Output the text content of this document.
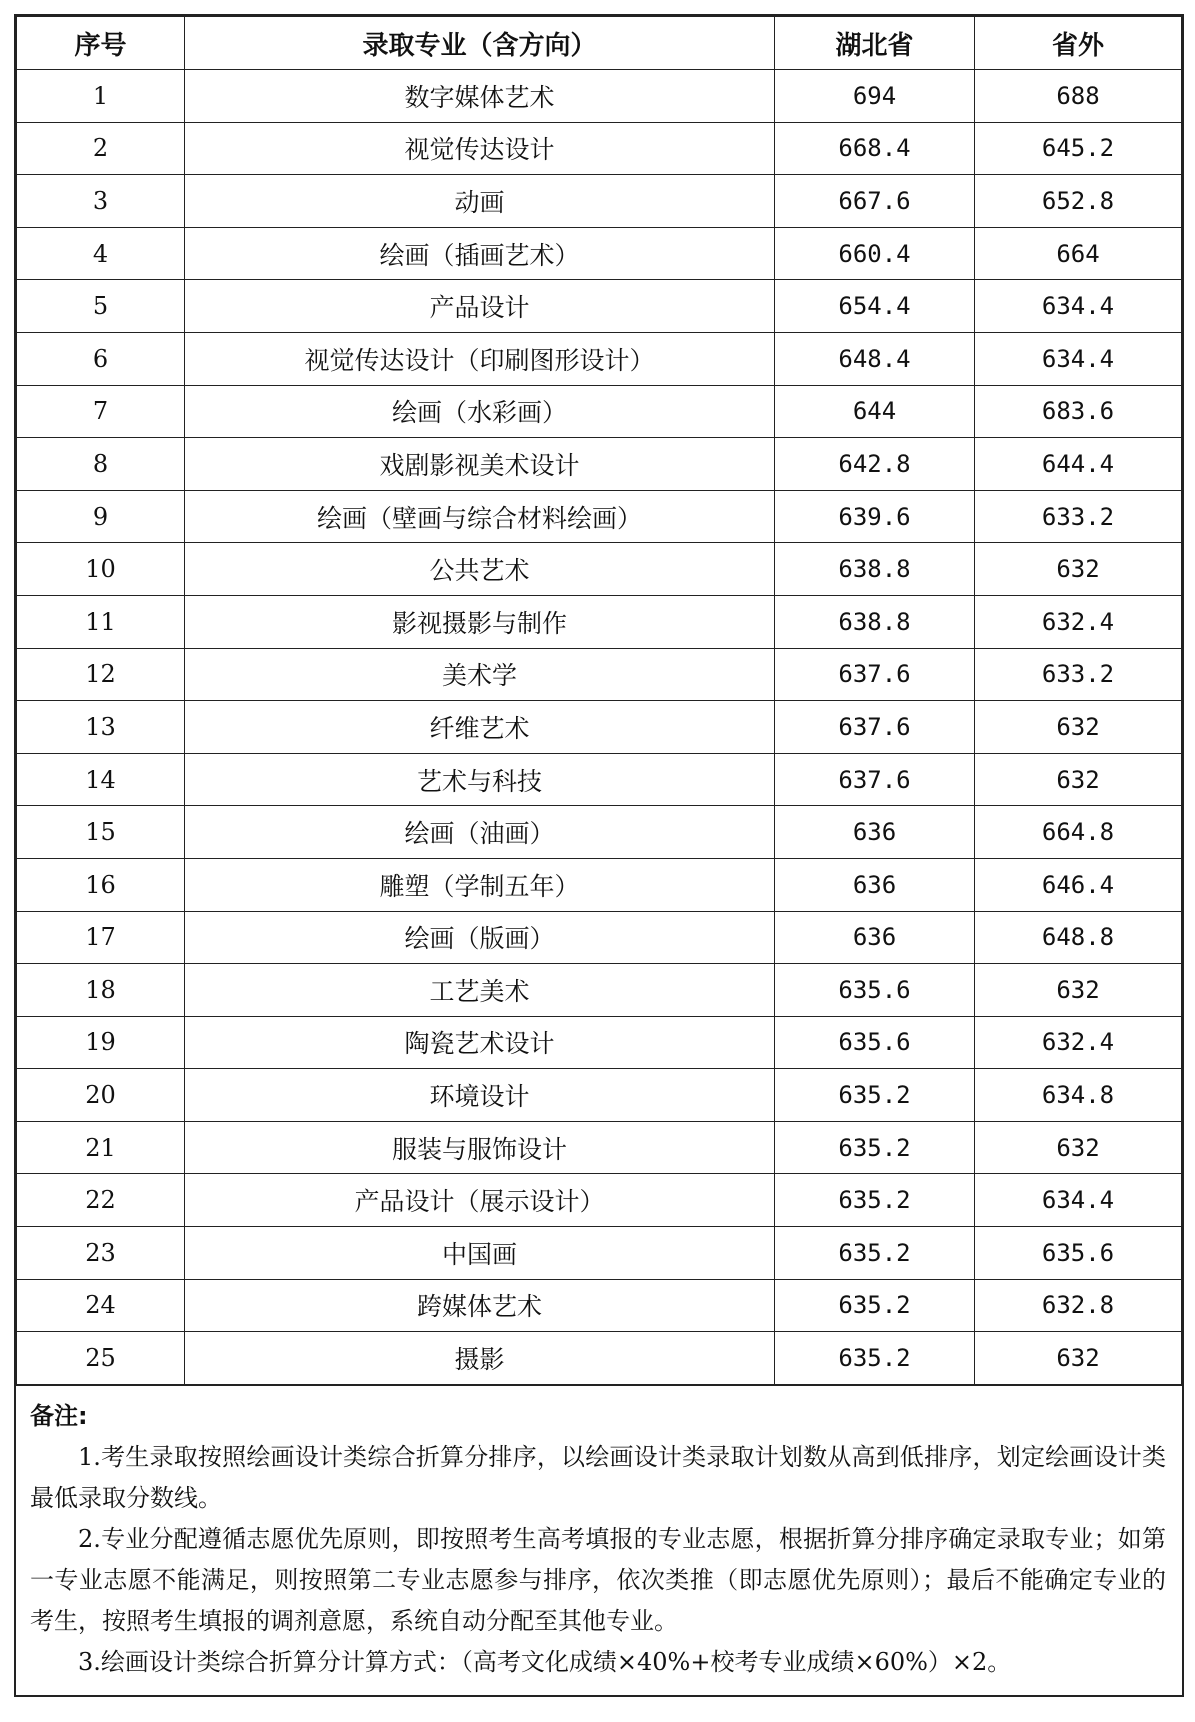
序号	录取专业（含方向）	湖北省	省外
1	数字媒体艺术	694	688
2	视觉传达设计	668.4	645.2
3	动画	667.6	652.8
4	绘画（插画艺术）	660.4	664
5	产品设计	654.4	634.4
6	视觉传达设计（印刷图形设计）	648.4	634.4
7	绘画（水彩画）	644	683.6
8	戏剧影视美术设计	642.8	644.4
9	绘画（壁画与综合材料绘画）	639.6	633.2
10	公共艺术	638.8	632
11	影视摄影与制作	638.8	632.4
12	美术学	637.6	633.2
13	纤维艺术	637.6	632
14	艺术与科技	637.6	632
15	绘画（油画）	636	664.8
16	雕塑（学制五年）	636	646.4
17	绘画（版画）	636	648.8
18	工艺美术	635.6	632
19	陶瓷艺术设计	635.6	632.4
20	环境设计	635.2	634.8
21	服装与服饰设计	635.2	632
22	产品设计（展示设计）	635.2	634.4
23	中国画	635.2	635.6
24	跨媒体艺术	635.2	632.8
25	摄影	635.2	632
备注:
1.考生录取按照绘画设计类综合折算分排序，以绘画设计类录取计划数从高到低排序，划定绘画设计类最低录取分数线。
2.专业分配遵循志愿优先原则，即按照考生高考填报的专业志愿，根据折算分排序确定录取专业；如第一专业志愿不能满足，则按照第二专业志愿参与排序，依次类推（即志愿优先原则）；最后不能确定专业的考生，按照考生填报的调剂意愿，系统自动分配至其他专业。
3.绘画设计类综合折算分计算方式：（高考文化成绩×40%+校考专业成绩×60%）×2。
